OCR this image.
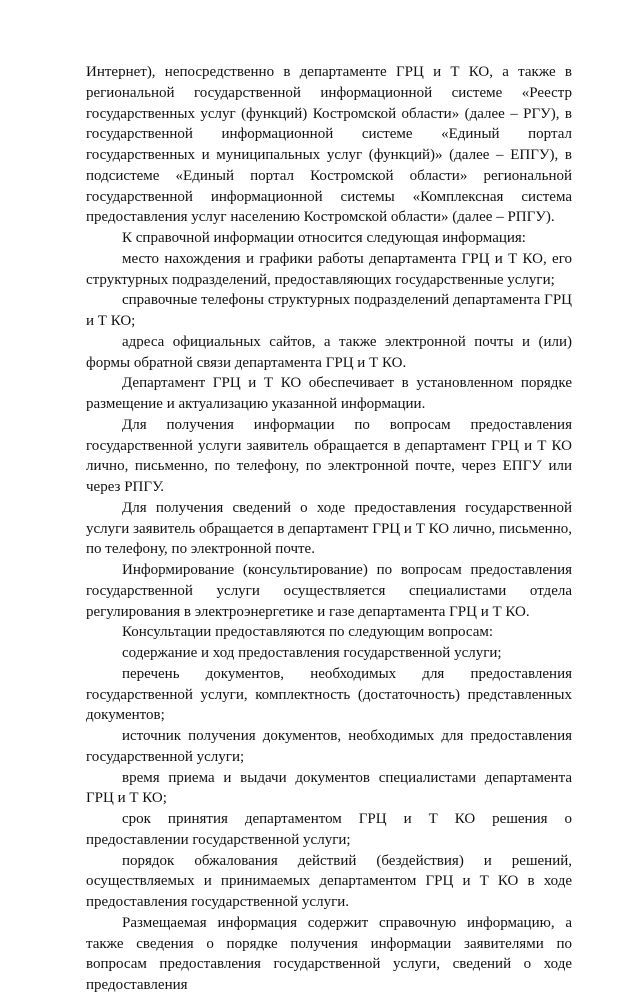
Интернет), непосредственно в департаменте ГРЦ и Т КО, а также в региональной государственной информационной системе «Реестр государственных услуг (функций) Костромской области» (далее – РГУ), в государственной информационной системе «Единый портал государственных и муниципальных услуг (функций)» (далее – ЕПГУ), в подсистеме «Единый портал Костромской области» региональной государственной информационной системы «Комплексная система предоставления услуг населению Костромской области» (далее – РПГУ).

К справочной информации относится следующая информация:

место нахождения и графики работы департамента ГРЦ и Т КО, его структурных подразделений, предоставляющих государственные услуги;

справочные телефоны структурных подразделений департамента ГРЦ и Т КО;

адреса официальных сайтов, а также электронной почты и (или) формы обратной связи департамента ГРЦ и Т КО.

Департамент ГРЦ и Т КО обеспечивает в установленном порядке размещение и актуализацию указанной информации.

Для получения информации по вопросам предоставления государственной услуги заявитель обращается в департамент ГРЦ и Т КО лично, письменно, по телефону, по электронной почте, через ЕПГУ или через РПГУ.

Для получения сведений о ходе предоставления государственной услуги заявитель обращается в департамент ГРЦ и Т КО лично, письменно, по телефону, по электронной почте.

Информирование (консультирование) по вопросам предоставления государственной услуги осуществляется специалистами отдела регулирования в электроэнергетике и газе департамента ГРЦ и Т КО.

Консультации предоставляются по следующим вопросам:

содержание и ход предоставления государственной услуги;

перечень документов, необходимых для предоставления государственной услуги, комплектность (достаточность) представленных документов;

источник получения документов, необходимых для предоставления государственной услуги;

время приема и выдачи документов специалистами департамента ГРЦ и Т КО;

срок принятия департаментом ГРЦ и Т КО решения о предоставлении государственной услуги;

порядок обжалования действий (бездействия) и решений, осуществляемых и принимаемых департаментом ГРЦ и Т КО в ходе предоставления государственной услуги.

Размещаемая информация содержит справочную информацию, а также сведения о порядке получения информации заявителями по вопросам предоставления государственной услуги, сведений о ходе предоставления
